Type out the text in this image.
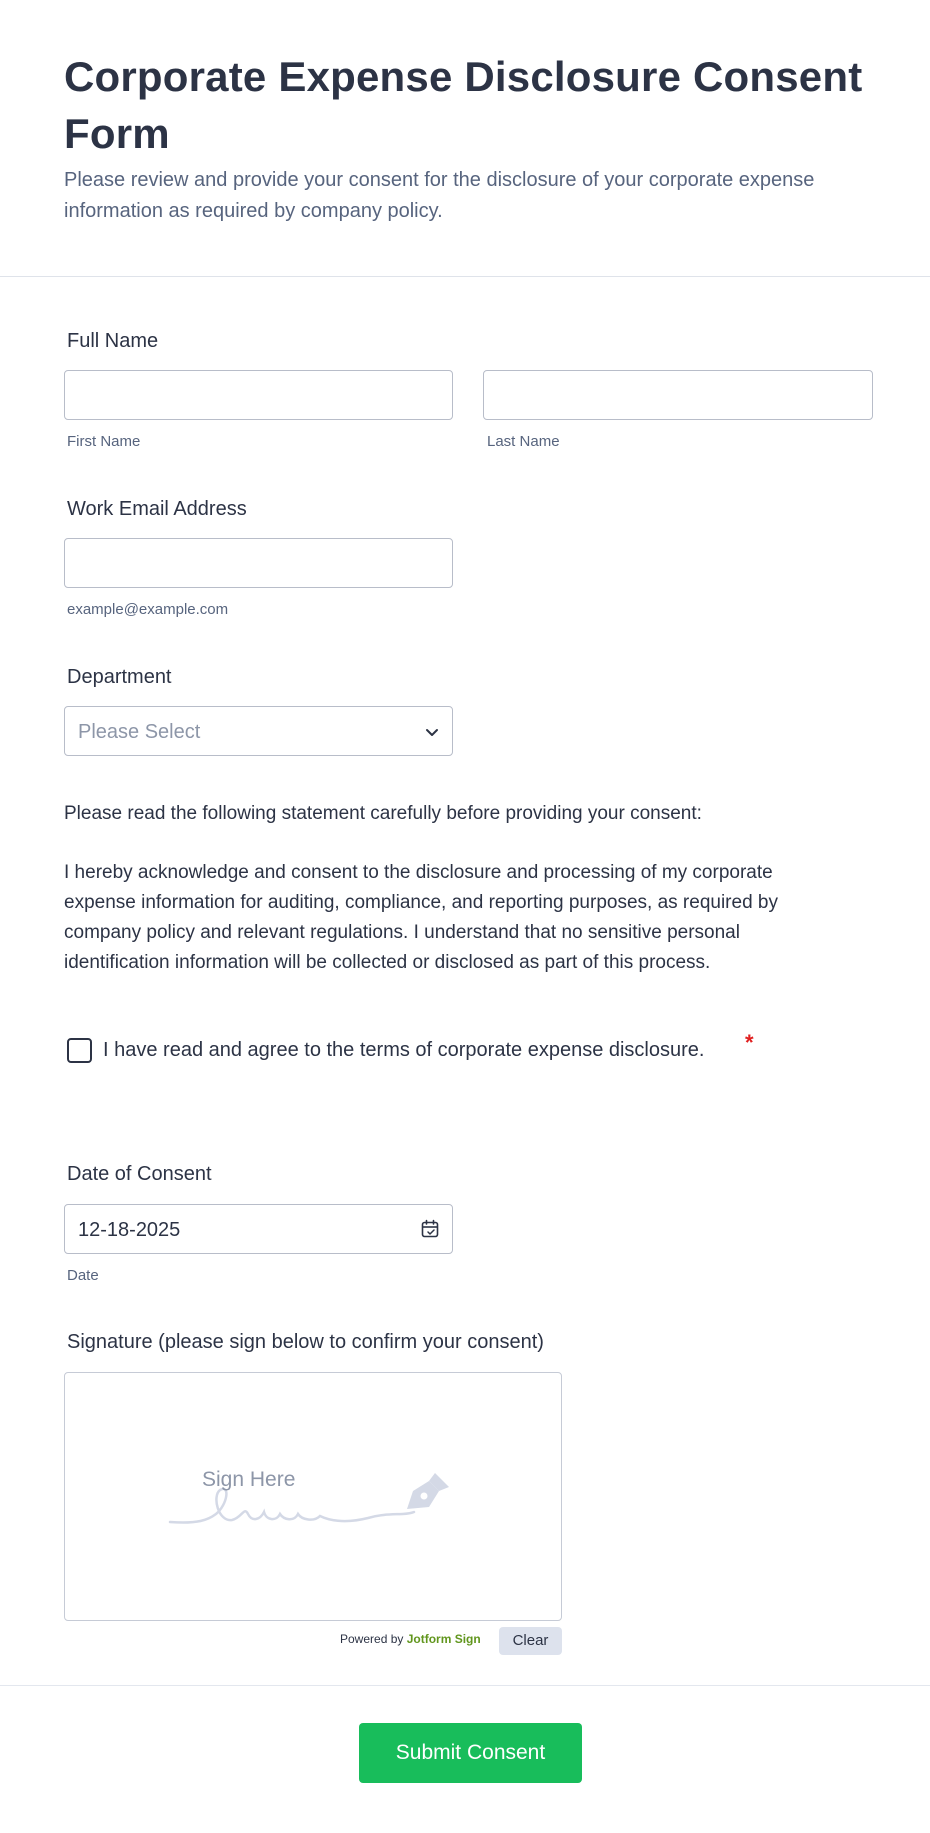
Corporate Expense Disclosure Consent Form
Please review and provide your consent for the disclosure of your corporate expense information as required by company policy.
Full Name
First Name	Last Name
Work Email Address
example@example.com
Department
Please Select
Please read the following statement carefully before providing your consent:
I hereby acknowledge and consent to the disclosure and processing of my corporate expense information for auditing, compliance, and reporting purposes, as required by company policy and relevant regulations. I understand that no sensitive personal identification information will be collected or disclosed as part of this process.
I have read and agree to the terms of corporate expense disclosure. *
Date of Consent
12-18-2025
Date
Signature (please sign below to confirm your consent)
Sign Here
Powered by Jotform Sign	Clear
Submit Consent
